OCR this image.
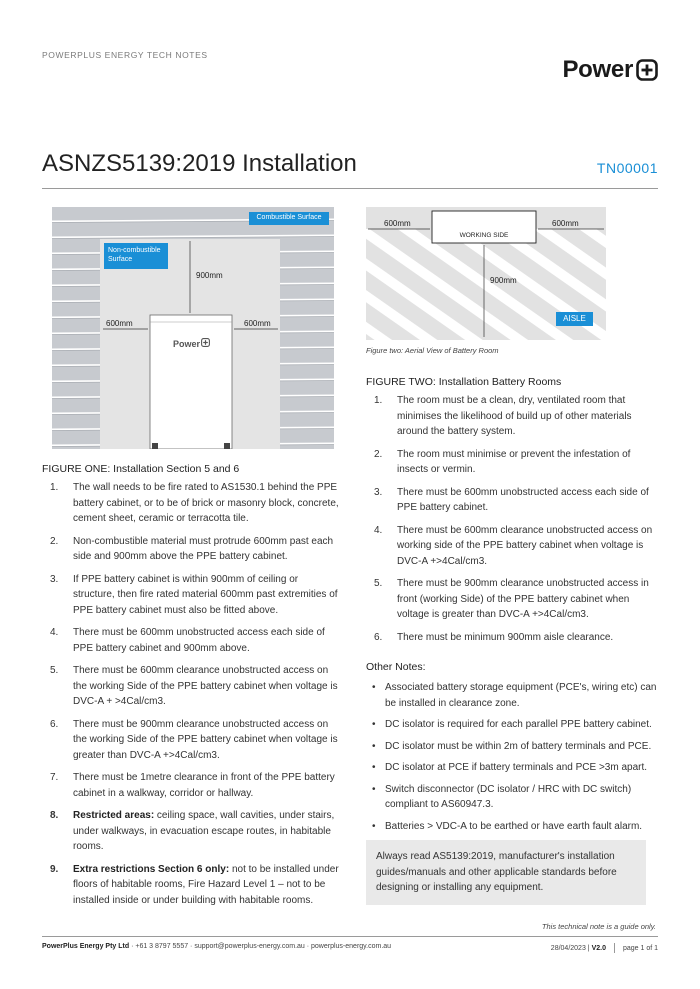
POWERPLUS ENERGY TECH NOTES
Power
ASNZS5139:2019 Installation	TN00001
Combustible Surface
Non-combustible
Surface
900mm
600mm	600mm
Power
600mm	600mm
WORKING SIDE
900mm
AISLE
Figure two: Aerial View of Battery Room
FIGURE ONE: Installation Section 5 and 6
1. The wall needs to be fire rated to AS1530.1 behind the PPE battery cabinet, or to be of brick or masonry block, concrete, cement sheet, ceramic or terracotta tile.
2. Non-combustible material must protrude 600mm past each side and 900mm above the PPE battery cabinet.
3. If PPE battery cabinet is within 900mm of ceiling or structure, then fire rated material 600mm past extremities of PPE battery cabinet must also be fitted above.
4. There must be 600mm unobstructed access each side of PPE battery cabinet and 900mm above.
5. There must be 600mm clearance unobstructed access on the working Side of the PPE battery cabinet when voltage is DVC-A + >4Cal/cm3.
6. There must be 900mm clearance unobstructed access on the working Side of the PPE battery cabinet when voltage is greater than DVC-A +>4Cal/cm3.
7. There must be 1metre clearance in front of the PPE battery cabinet in a walkway, corridor or hallway.
8. Restricted areas: ceiling space, wall cavities, under stairs, under walkways, in evacuation escape routes, in habitable rooms.
9. Extra restrictions Section 6 only: not to be installed under floors of habitable rooms, Fire Hazard Level 1 – not to be installed inside or under building with habitable rooms.
FIGURE TWO: Installation Battery Rooms
1. The room must be a clean, dry, ventilated room that minimises the likelihood of build up of other materials around the battery system.
2. The room must minimise or prevent the infestation of insects or vermin.
3. There must be 600mm unobstructed access each side of PPE battery cabinet.
4. There must be 600mm clearance unobstructed access on working side of the PPE battery cabinet when voltage is DVC-A +>4Cal/cm3.
5. There must be 900mm clearance unobstructed access in front (working Side) of the PPE battery cabinet when voltage is greater than DVC-A +>4Cal/cm3.
6. There must be minimum 900mm aisle clearance.
Other Notes:
• Associated battery storage equipment (PCE's, wiring etc) can be installed in clearance zone.
• DC isolator is required for each parallel PPE battery cabinet.
• DC isolator must be within 2m of battery terminals and PCE.
• DC isolator at PCE if battery terminals and PCE >3m apart.
• Switch disconnector (DC isolator / HRC with DC switch) compliant to AS60947.3.
• Batteries > VDC-A to be earthed or have earth fault alarm.
Always read AS5139:2019, manufacturer's installation guides/manuals and other applicable standards before designing or installing any equipment.
This technical note is a guide only.
PowerPlus Energy Pty Ltd · +61 3 8797 5557 · support@powerplus-energy.com.au · powerplus-energy.com.au	28/04/2023 | V2.0 page 1 of 1
